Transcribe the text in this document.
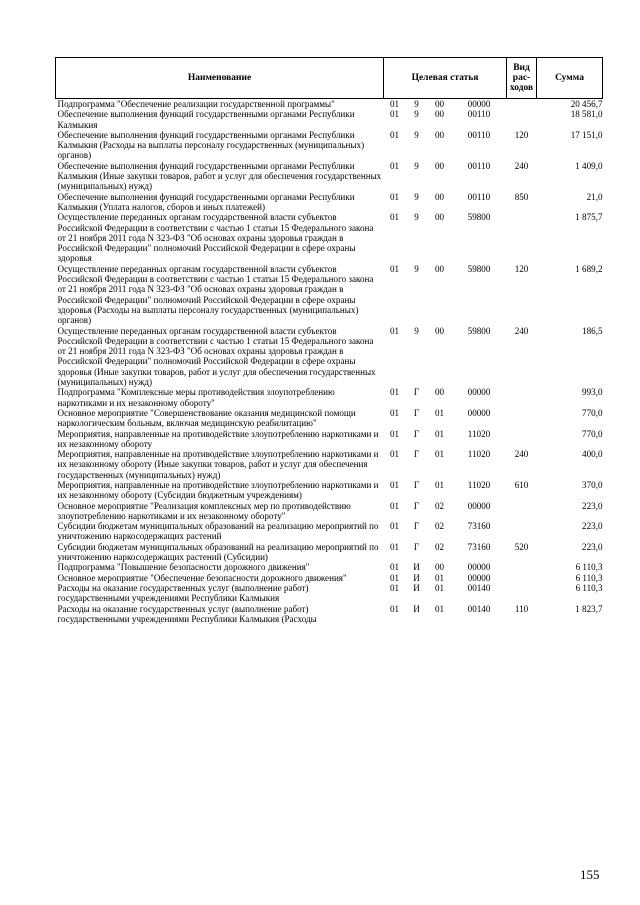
Наименование	Целевая статья				Вид рас-ходов	Сумма
Подпрограмма "Обеспечение реализации государственной программы"	01	9	00	00000		20 456,7
Обеспечение выполнения функций государственными органами Республики Калмыкия	01	9	00	00110		18 581,0
Обеспечение выполнения функций государственными органами Республики Калмыкия (Расходы на выплаты персоналу государственных (муниципальных) органов)	01	9	00	00110	120	17 151,0
Обеспечение выполнения функций государственными органами Республики Калмыкия (Иные закупки товаров, работ и услуг для обеспечения государственных (муниципальных) нужд)	01	9	00	00110	240	1 409,0
Обеспечение выполнения функций государственными органами Республики Калмыкия (Уплата налогов, сборов и иных платежей)	01	9	00	00110	850	21,0
Осуществление переданных органам государственной власти субъектов Российской Федерации в соответствии с частью 1 статьи 15 Федерального закона от 21 ноября 2011 года N 323-ФЗ "Об основах охраны здоровья граждан в Российской Федерации" полномочий Российской Федерации в сфере охраны здоровья	01	9	00	59800		1 875,7
Осуществление переданных органам государственной власти субъектов Российской Федерации в соответствии с частью 1 статьи 15 Федерального закона от 21 ноября 2011 года N 323-ФЗ "Об основах охраны здоровья граждан в Российской Федерации" полномочий Российской Федерации в сфере охраны здоровья (Расходы на выплаты персоналу государственных (муниципальных) органов)	01	9	00	59800	120	1 689,2
Осуществление переданных органам государственной власти субъектов Российской Федерации в соответствии с частью 1 статьи 15 Федерального закона от 21 ноября 2011 года N 323-ФЗ "Об основах охраны здоровья граждан в Российской Федерации" полномочий Российской Федерации в сфере охраны здоровья (Иные закупки товаров, работ и услуг для обеспечения государственных (муниципальных) нужд)	01	9	00	59800	240	186,5
Подпрограмма "Комплексные меры противодействия злоупотреблению наркотиками и их незаконному обороту"	01	Г	00	00000		993,0
Основное мероприятие "Совершенствование оказания медицинской помощи наркологическим больным, включая медицинскую реабилитацию"	01	Г	01	00000		770,0
Мероприятия, направленные на противодействие злоупотреблению наркотиками и их незаконному обороту	01	Г	01	11020		770,0
Мероприятия, направленные на противодействие злоупотреблению наркотиками и их незаконному обороту (Иные закупки товаров, работ и услуг для обеспечения государственных (муниципальных) нужд)	01	Г	01	11020	240	400,0
Мероприятия, направленные на противодействие злоупотреблению наркотиками и их незаконному обороту (Субсидии бюджетным учреждениям)	01	Г	01	11020	610	370,0
Основное мероприятие "Реализация комплексных мер по противодействию злоупотреблению наркотиками и их незаконному обороту"	01	Г	02	00000		223,0
Субсидии бюджетам муниципальных образований на реализацию мероприятий по уничтожению наркосодержащих растений	01	Г	02	73160		223,0
Субсидии бюджетам муниципальных образований на реализацию мероприятий по уничтожению наркосодержащих растений (Субсидии)	01	Г	02	73160	520	223,0
Подпрограмма "Повышение безопасности дорожного движения"	01	И	00	00000		6 110,3
Основное мероприятие "Обеспечение безопасности дорожного движения"	01	И	01	00000		6 110,3
Расходы на оказание государственных услуг (выполнение работ) государственными учреждениями Республики Калмыкия	01	И	01	00140		6 110,3
Расходы на оказание государственных услуг (выполнение работ) государственными учреждениями Республики Калмыкия (Расходы	01	И	01	00140	110	1 823,7
155
